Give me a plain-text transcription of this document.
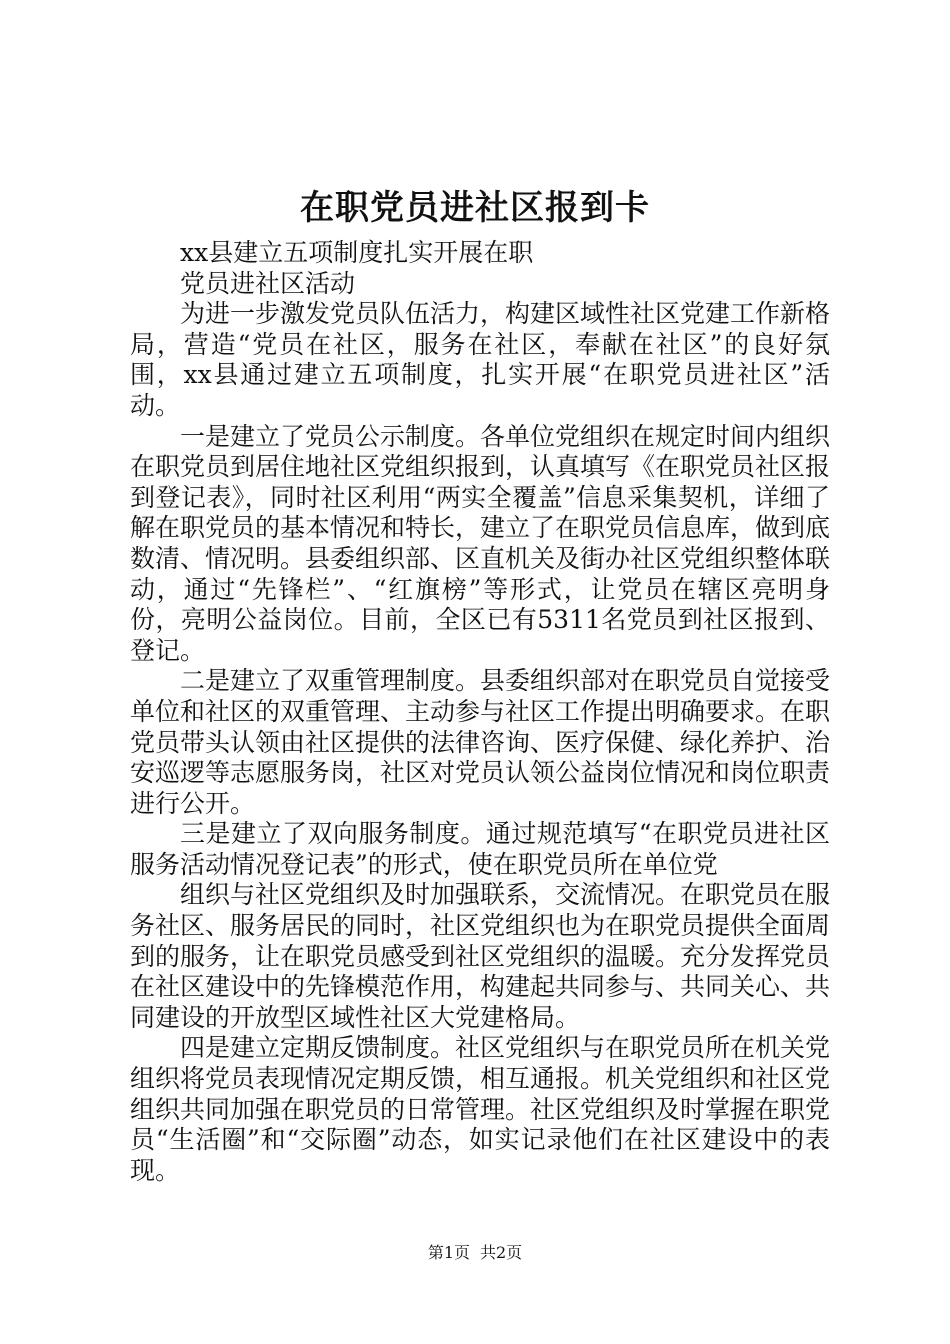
在职党员进社区报到卡

xx县建立五项制度扎实开展在职

党员进社区活动

为进一步激发党员队伍活力，构建区域性社区党建工作新格局，营造“党员在社区，服务在社区，奉献在社区”的良好氛围，xx县通过建立五项制度，扎实开展“在职党员进社区”活动。

一是建立了党员公示制度。各单位党组织在规定时间内组织在职党员到居住地社区党组织报到，认真填写《在职党员社区报到登记表》，同时社区利用“两实全覆盖”信息采集契机，详细了解在职党员的基本情况和特长，建立了在职党员信息库，做到底数清、情况明。县委组织部、区直机关及街办社区党组织整体联动，通过“先锋栏”、“红旗榜”等形式，让党员在辖区亮明身份，亮明公益岗位。目前，全区已有5311名党员到社区报到、登记。

二是建立了双重管理制度。县委组织部对在职党员自觉接受单位和社区的双重管理、主动参与社区工作提出明确要求。在职党员带头认领由社区提供的法律咨询、医疗保健、绿化养护、治安巡逻等志愿服务岗，社区对党员认领公益岗位情况和岗位职责进行公开。

三是建立了双向服务制度。通过规范填写“在职党员进社区服务活动情况登记表”的形式，使在职党员所在单位党

组织与社区党组织及时加强联系，交流情况。在职党员在服务社区、服务居民的同时，社区党组织也为在职党员提供全面周到的服务，让在职党员感受到社区党组织的温暖。充分发挥党员在社区建设中的先锋模范作用，构建起共同参与、共同关心、共同建设的开放型区域性社区大党建格局。

四是建立定期反馈制度。社区党组织与在职党员所在机关党组织将党员表现情况定期反馈，相互通报。机关党组织和社区党组织共同加强在职党员的日常管理。社区党组织及时掌握在职党员“生活圈”和“交际圈”动态，如实记录他们在社区建设中的表现。

第1页 共2页
